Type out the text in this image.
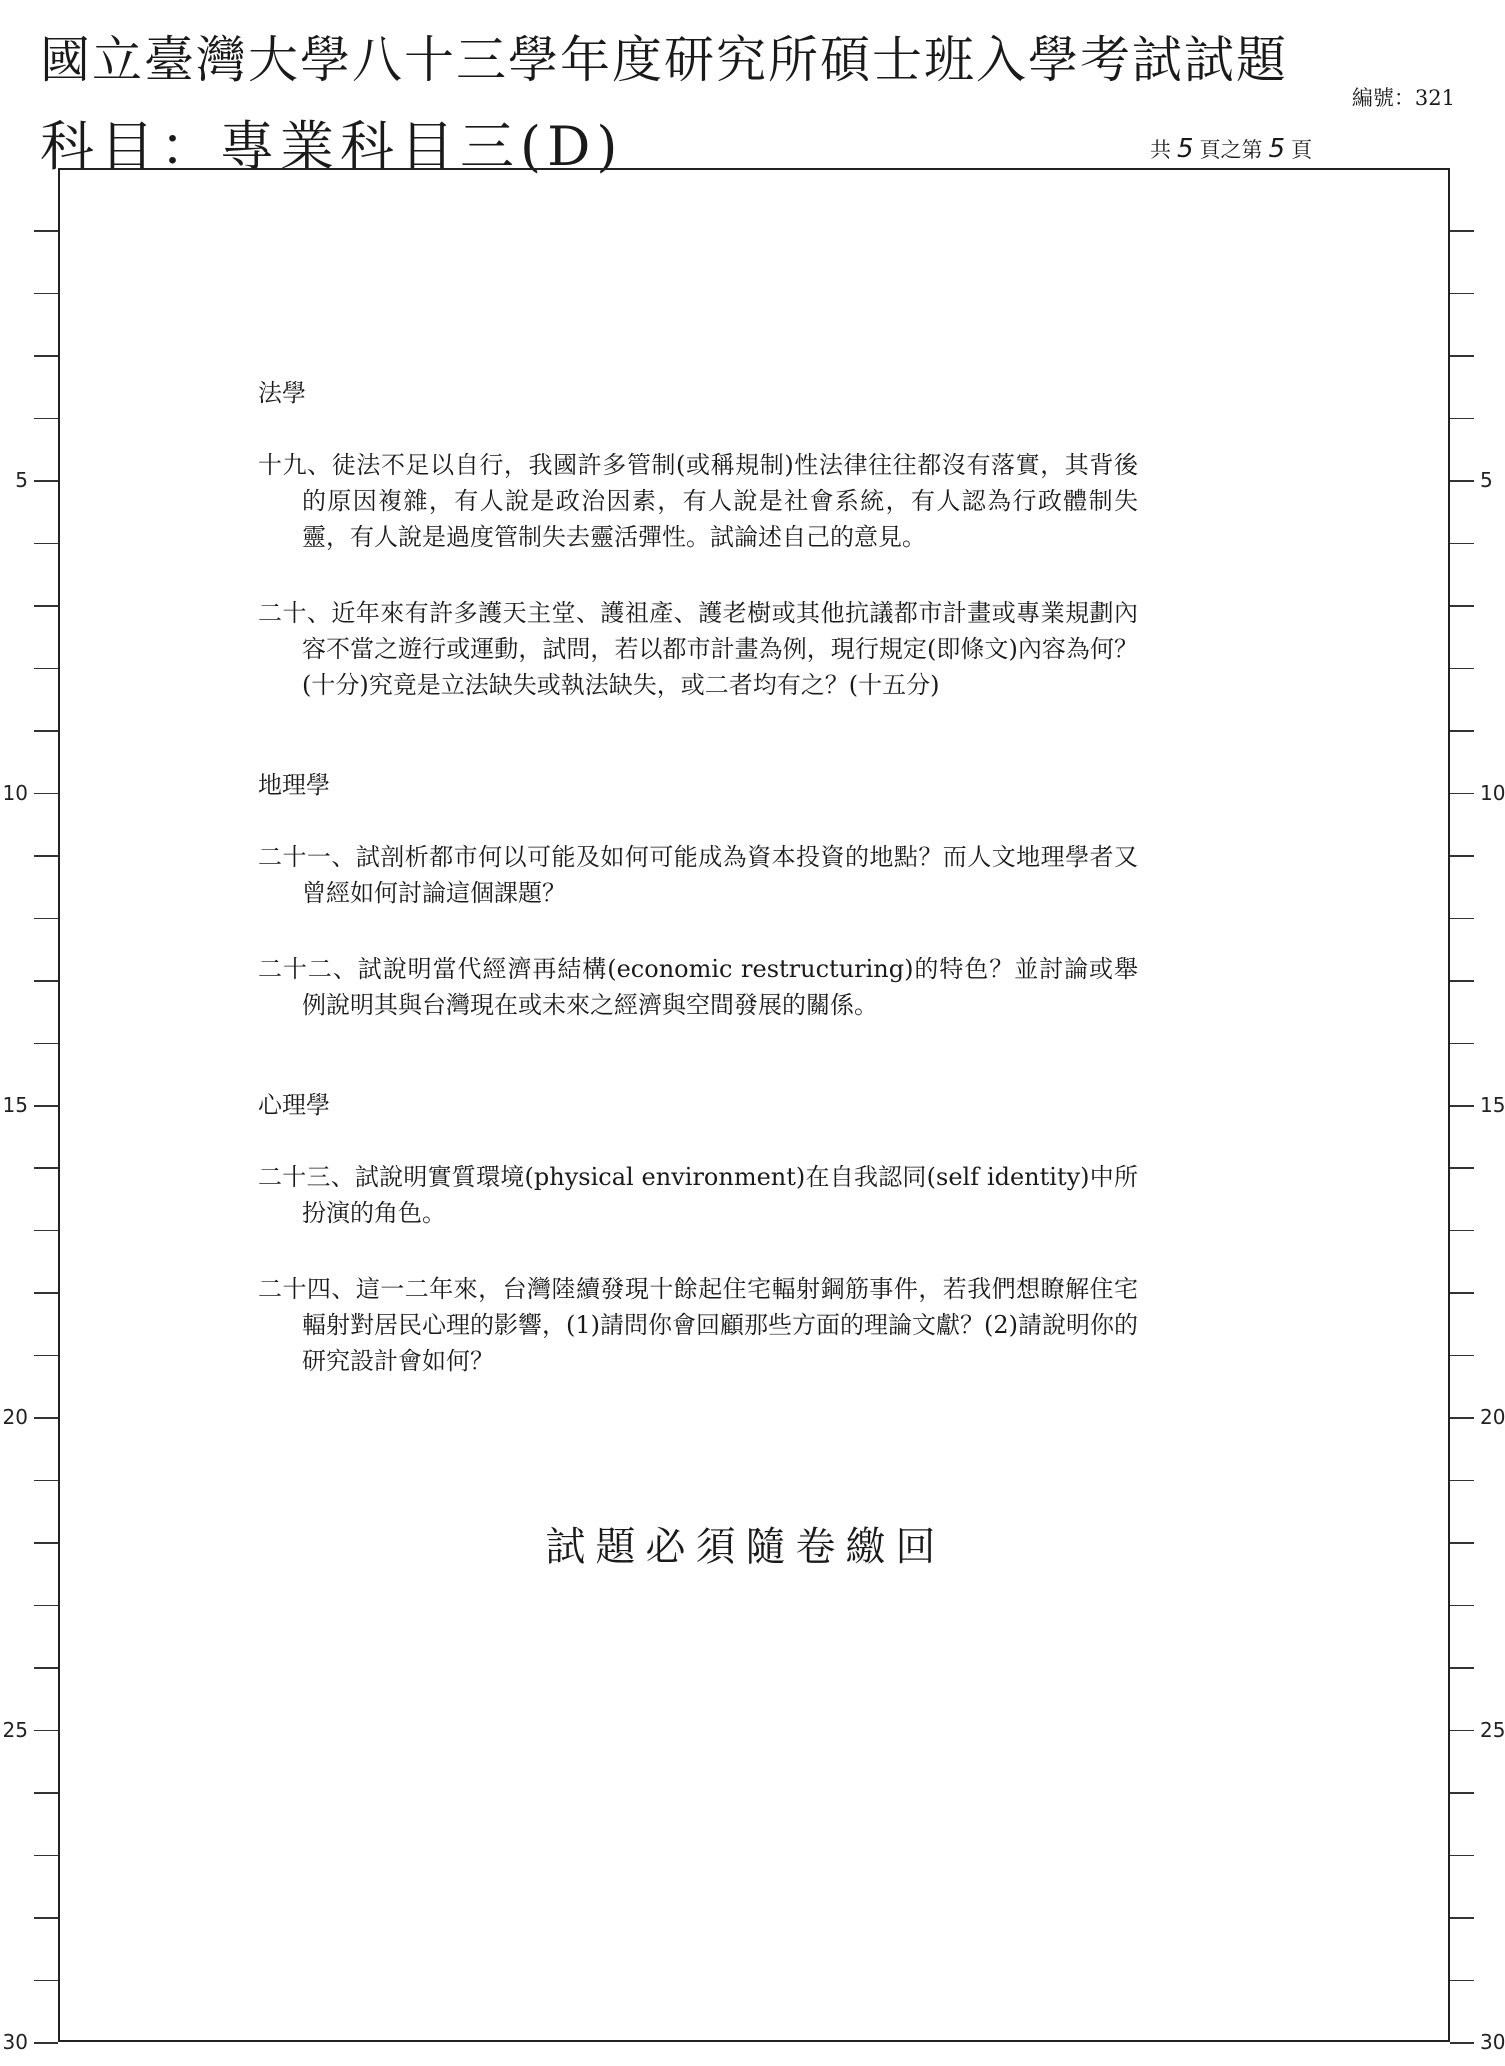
國立臺灣大學八十三學年度研究所碩士班入學考試試題
科目：專業科目三(D)
編號：321
共 5 頁之第 5 頁
5
10
15
20
25
30
5
10
15
20
25
30
法學
十九、徒法不足以自行，我國許多管制(或稱規制)性法律往往都沒有落實，其背後的原因複雜，有人說是政治因素，有人說是社會系統，有人認為行政體制失靈，有人說是過度管制失去靈活彈性。試論述自己的意見。
二十、近年來有許多護天主堂、護祖產、護老樹或其他抗議都市計畫或專業規劃內容不當之遊行或運動，試問，若以都市計畫為例，現行規定(即條文)內容為何？(十分)究竟是立法缺失或執法缺失，或二者均有之？(十五分)
地理學
二十一、試剖析都市何以可能及如何可能成為資本投資的地點？而人文地理學者又曾經如何討論這個課題？
二十二、試說明當代經濟再結構(economic restructuring)的特色？並討論或舉例說明其與台灣現在或未來之經濟與空間發展的關係。
心理學
二十三、試說明實質環境(physical environment)在自我認同(self identity)中所扮演的角色。
二十四、這一二年來，台灣陸續發現十餘起住宅輻射鋼筋事件，若我們想瞭解住宅輻射對居民心理的影響，(1)請問你會回顧那些方面的理論文獻？(2)請說明你的研究設計會如何？
試題必須隨卷繳回
